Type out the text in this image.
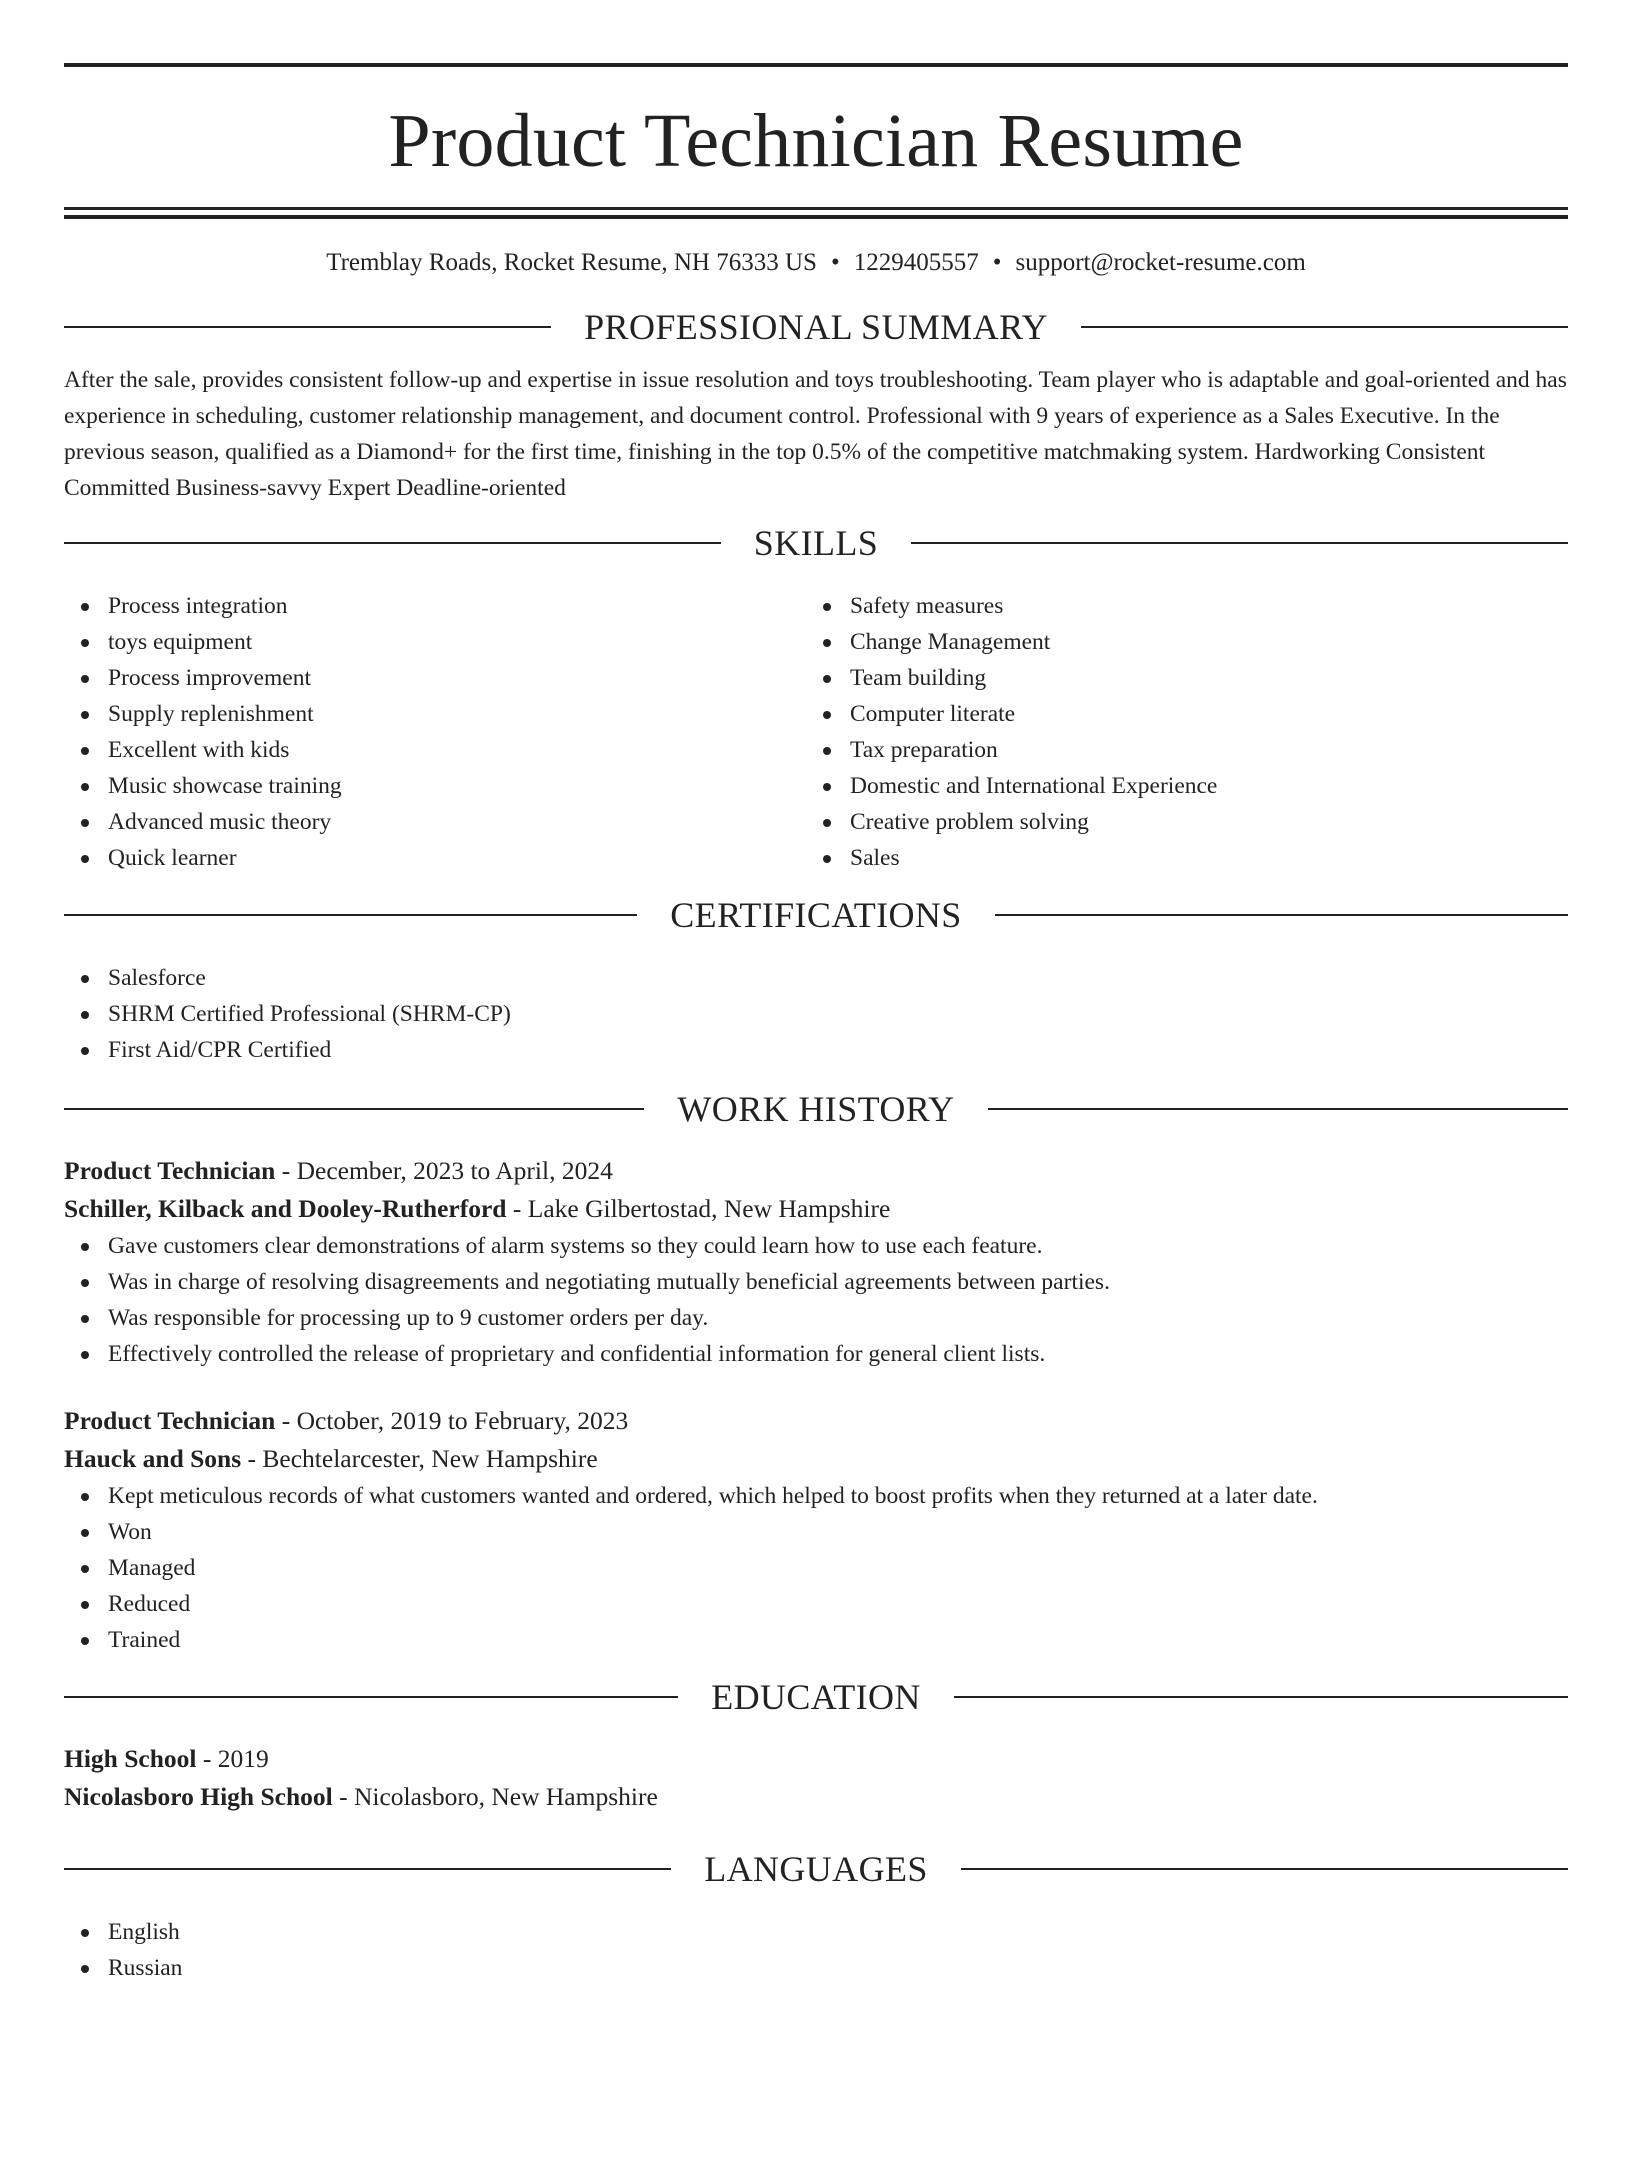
Product Technician Resume
Tremblay Roads, Rocket Resume, NH 76333 US • 1229405557 • support@rocket-resume.com
PROFESSIONAL SUMMARY
After the sale, provides consistent follow-up and expertise in issue resolution and toys troubleshooting. Team player who is adaptable and goal-oriented and has experience in scheduling, customer relationship management, and document control. Professional with 9 years of experience as a Sales Executive. In the previous season, qualified as a Diamond+ for the first time, finishing in the top 0.5% of the competitive matchmaking system. Hardworking Consistent Committed Business-savvy Expert Deadline-oriented
SKILLS
Process integration
toys equipment
Process improvement
Supply replenishment
Excellent with kids
Music showcase training
Advanced music theory
Quick learner
Safety measures
Change Management
Team building
Computer literate
Tax preparation
Domestic and International Experience
Creative problem solving
Sales
CERTIFICATIONS
Salesforce
SHRM Certified Professional (SHRM-CP)
First Aid/CPR Certified
WORK HISTORY
Product Technician - December, 2023 to April, 2024
Schiller, Kilback and Dooley-Rutherford - Lake Gilbertostad, New Hampshire
Gave customers clear demonstrations of alarm systems so they could learn how to use each feature.
Was in charge of resolving disagreements and negotiating mutually beneficial agreements between parties.
Was responsible for processing up to 9 customer orders per day.
Effectively controlled the release of proprietary and confidential information for general client lists.
Product Technician - October, 2019 to February, 2023
Hauck and Sons - Bechtelarcester, New Hampshire
Kept meticulous records of what customers wanted and ordered, which helped to boost profits when they returned at a later date.
Won
Managed
Reduced
Trained
EDUCATION
High School - 2019
Nicolasboro High School - Nicolasboro, New Hampshire
LANGUAGES
English
Russian
